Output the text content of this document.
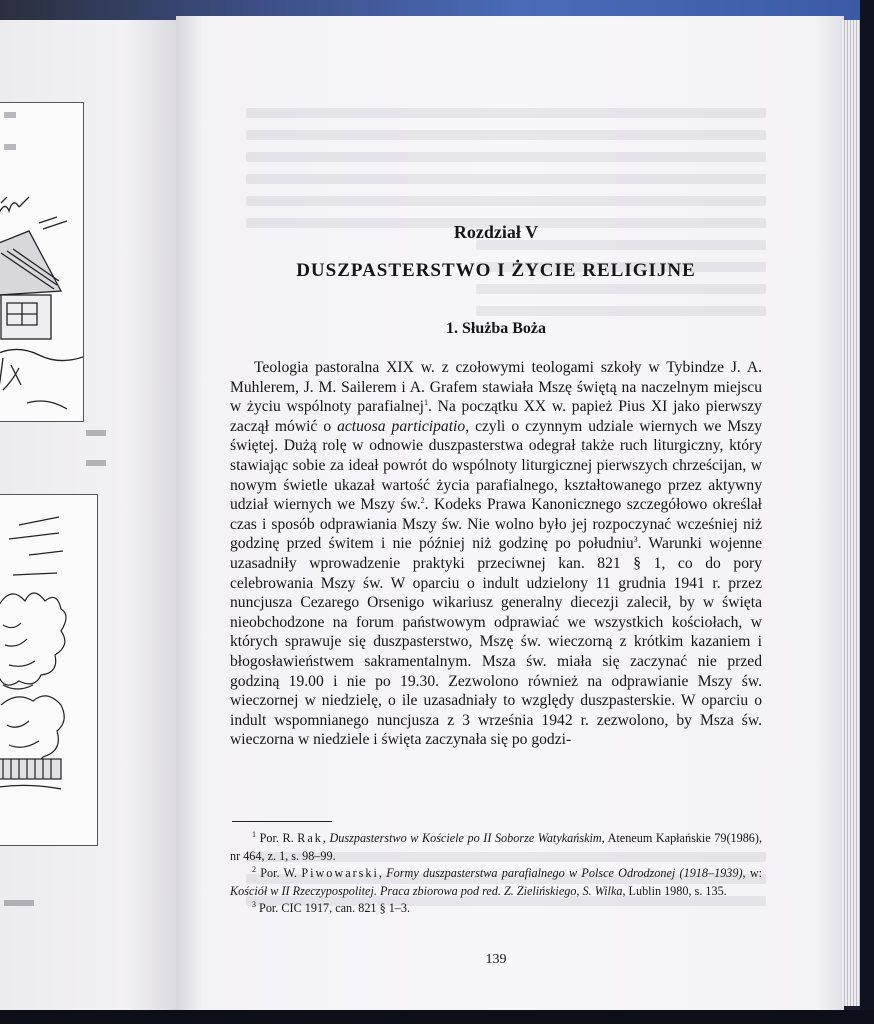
Rozdział V
DUSZPASTERSTWO I ŻYCIE RELIGIJNE
1. Służba Boża
Teologia pastoralna XIX w. z czołowymi teologami szkoły w Tybindze J. A. Muhlerem, J. M. Sailerem i A. Grafem stawiała Mszę świętą na naczelnym miejscu w życiu wspólnoty parafialnej$^1$. Na początku XX w. papież Pius XI jako pierwszy zaczął mówić o actuosa participatio, czyli o czynnym udziale wiernych we Mszy świętej. Dużą rolę w odnowie duszpasterstwa odegrał także ruch liturgiczny, który stawiając sobie za ideał powrót do wspólnoty liturgicznej pierwszych chrześcijan, w nowym świetle ukazał wartość życia parafialnego, kształtowanego przez aktywny udział wiernych we Mszy św.$^2$. Kodeks Prawa Kanonicznego szczegółowo określał czas i sposób odprawiania Mszy św. Nie wolno było jej rozpoczynać wcześniej niż godzinę przed świtem i nie później niż godzinę po południu$^3$. Warunki wojenne uzasadniły wprowadzenie praktyki przeciwnej kan. 821 § 1, co do pory celebrowania Mszy św. W oparciu o indult udzielony 11 grudnia 1941 r. przez nuncjusza Cezarego Orsenigo wikariusz generalny diecezji zalecił, by w święta nieobchodzone na forum państwowym odprawiać we wszystkich kościołach, w których sprawuje się duszpasterstwo, Mszę św. wieczorną z krótkim kazaniem i błogosławieństwem sakramentalnym. Msza św. miała się zaczynać nie przed godziną 19.00 i nie po 19.30. Zezwolono również na odprawianie Mszy św. wieczornej w niedzielę, o ile uzasadniały to względy duszpasterskie. W oparciu o indult wspomnianego nuncjusza z 3 września 1942 r. zezwolono, by Msza św. wieczorna w niedziele i święta zaczynała się po godzi-

$^1$ Por. R. Rak, Duszpasterstwo w Kościele po II Soborze Watykańskim, Ateneum Kapłańskie 79(1986), nr 464, z. 1, s. 98–99.

$^2$ Por. W. Piwowarski, Formy duszpasterstwa parafialnego w Polsce Odrodzonej (1918–1939), w: Kościół w II Rzeczypospolitej. Praca zbiorowa pod red. Z. Zielińskiego, S. Wilka, Lublin 1980, s. 135.

$^3$ Por. CIC 1917, can. 821 § 1–3.

139
